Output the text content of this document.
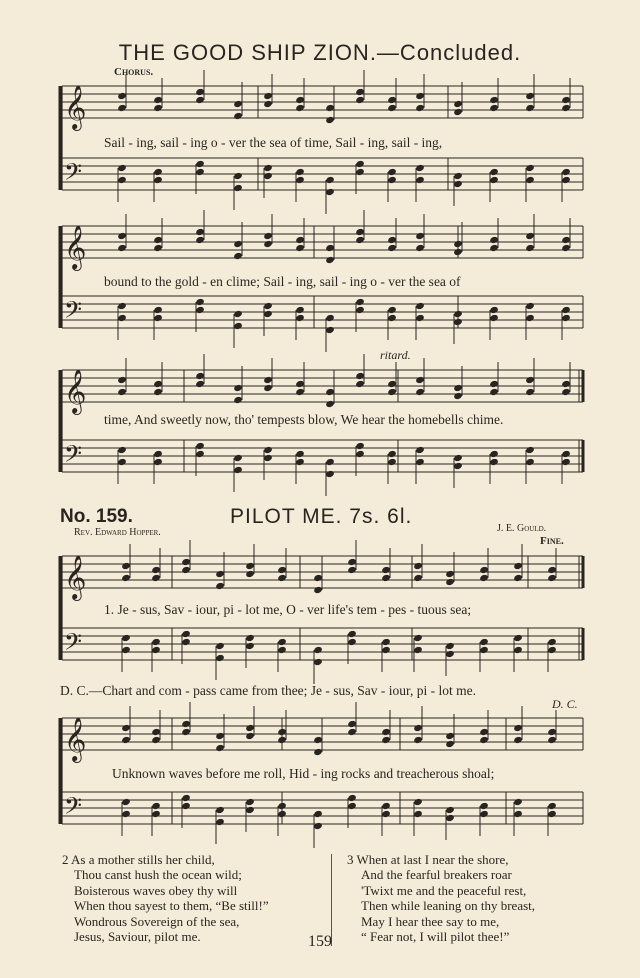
THE GOOD SHIP ZION.—Concluded.
Chorus.
𝄞
𝄢
𝄞
𝄢
𝄞
𝄢
𝄞
𝄢
𝄞
𝄢
Sail - ing, sail - ing o - ver the sea of time, Sail - ing, sail - ing,
bound to the gold - en clime; Sail - ing, sail - ing o - ver the sea of
ritard.
time, And sweetly now, tho' tempests blow, We hear the homebells chime.
No. 159.	PILOT ME. 7s. 6l.
Rev. Edward Hopper.	J. E. Gould.
Fine.
1. Je - sus, Sav - iour, pi - lot me, O - ver life's tem - pes - tuous sea;
D. C.—Chart and com - pass came from thee; Je - sus, Sav - iour, pi - lot me.
D. C.
Unknown waves before me roll, Hid - ing rocks and treacherous shoal;
2 As a mother stills her child,
Thou canst hush the ocean wild;
Boisterous waves obey thy will
When thou sayest to them, “Be still!”
Wondrous Sovereign of the sea,
Jesus, Saviour, pilot me.
3 When at last I near the shore,
And the fearful breakers roar
'Twixt me and the peaceful rest,
Then while leaning on thy breast,
May I hear thee say to me,
“ Fear not, I will pilot thee!”
159
